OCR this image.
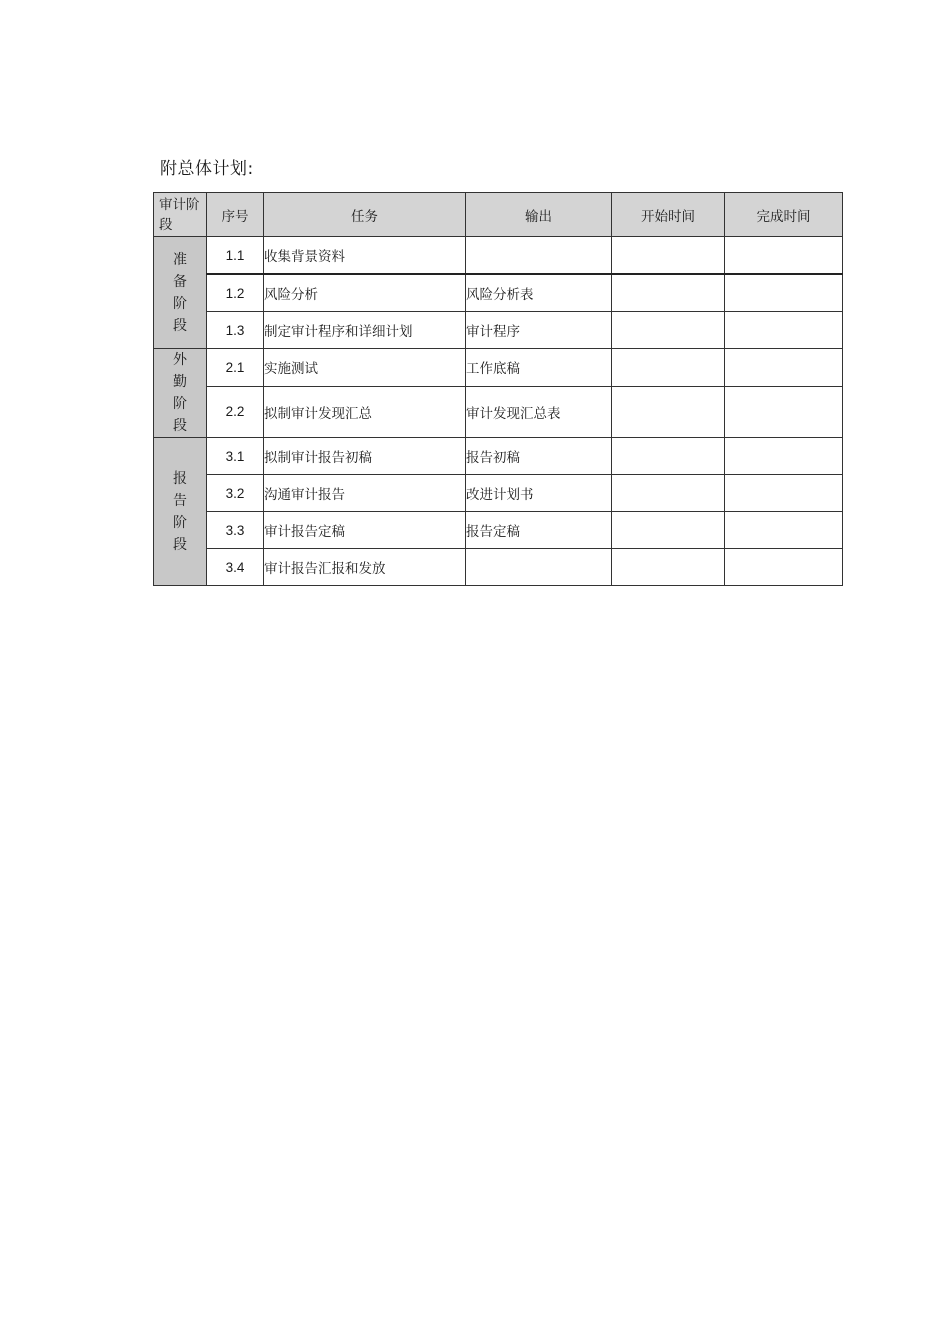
附总体计划:
审计阶段	序号	任务	输出	开始时间	完成时间
准备阶段	1.1	收集背景资料			
	1.2	风险分析	风险分析表		
	1.3	制定审计程序和详细计划	审计程序		
外勤阶段	2.1	实施测试	工作底稿		
	2.2	拟制审计发现汇总	审计发现汇总表		
报告阶段	3.1	拟制审计报告初稿	报告初稿		
	3.2	沟通审计报告	改进计划书		
	3.3	审计报告定稿	报告定稿		
	3.4	审计报告汇报和发放			
